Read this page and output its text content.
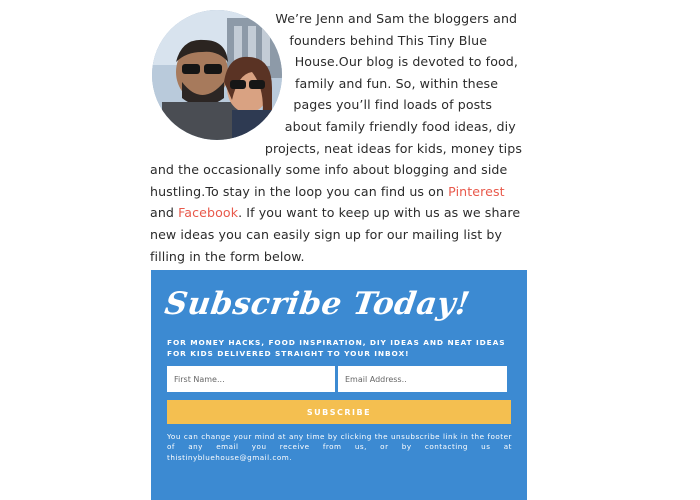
We’re Jenn and Sam the bloggers and founders behind This Tiny Blue House.Our blog is devoted to food, family and fun. So, within these pages you’ll find loads of posts about family friendly food ideas, diy projects, neat ideas for kids, money tips and the occasionally some info about blogging and side hustling.To stay in the loop you can find us on Pinterest and Facebook. If you want to keep up with us as we share new ideas you can easily sign up for our mailing list by filling in the form below.

Subscribe Today!

FOR MONEY HACKS, FOOD INSPIRATION, DIY IDEAS AND NEAT IDEAS FOR KIDS DELIVERED STRAIGHT TO YOUR INBOX!

First Name...
Email Address..
SUBSCRIBE

You can change your mind at any time by clicking the unsubscribe link in the footer of any email you receive from us, or by contacting us at thistinybluehouse@gmail.com.
